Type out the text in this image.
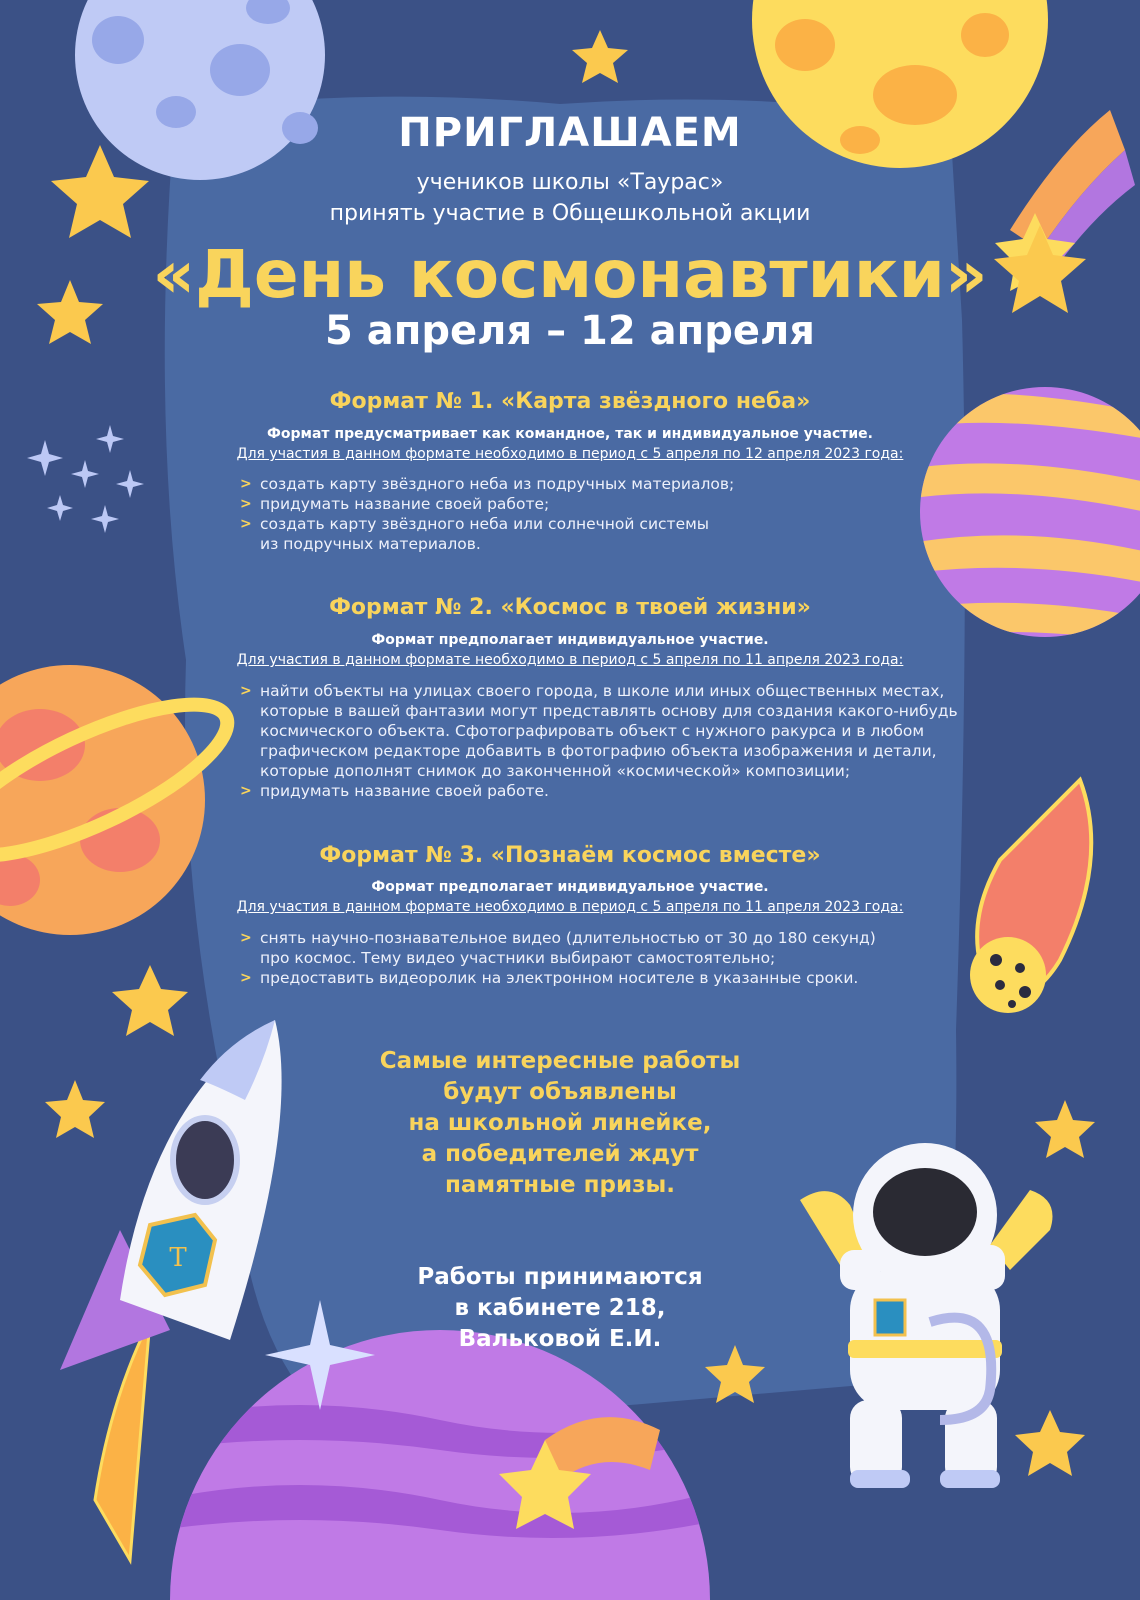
Т
ПРИГЛАШАЕМ
учеников школы «Таурас»
принять участие в Общешкольной акции
«День космонавтики»
5 апреля – 12 апреля
Формат № 1. «Карта звёздного неба»
Формат предусматривает как командное, так и индивидуальное участие.
Для участия в данном формате необходимо в период с 5 апреля по 12 апреля 2023 года:
> создать карту звёздного неба из подручных материалов;
> придумать название своей работе;
> создать карту звёздного неба или солнечной системы
из подручных материалов.
Формат № 2. «Космос в твоей жизни»
Формат предполагает индивидуальное участие.
Для участия в данном формате необходимо в период с 5 апреля по 11 апреля 2023 года:
> найти объекты на улицах своего города, в школе или иных общественных местах,
которые в вашей фантазии могут представлять основу для создания какого-нибудь
космического объекта. Сфотографировать объект с нужного ракурса и в любом
графическом редакторе добавить в фотографию объекта изображения и детали,
которые дополнят снимок до законченной «космической» композиции;
> придумать название своей работе.
Формат № 3. «Познаём космос вместе»
Формат предполагает индивидуальное участие.
Для участия в данном формате необходимо в период с 5 апреля по 11 апреля 2023 года:
> снять научно-познавательное видео (длительностью от 30 до 180 секунд)
про космос. Тему видео участники выбирают самостоятельно;
> предоставить видеоролик на электронном носителе в указанные сроки.
Самые интересные работы
будут объявлены
на школьной линейке,
а победителей ждут
памятные призы.
Работы принимаются
в кабинете 218,
Вальковой Е.И.
